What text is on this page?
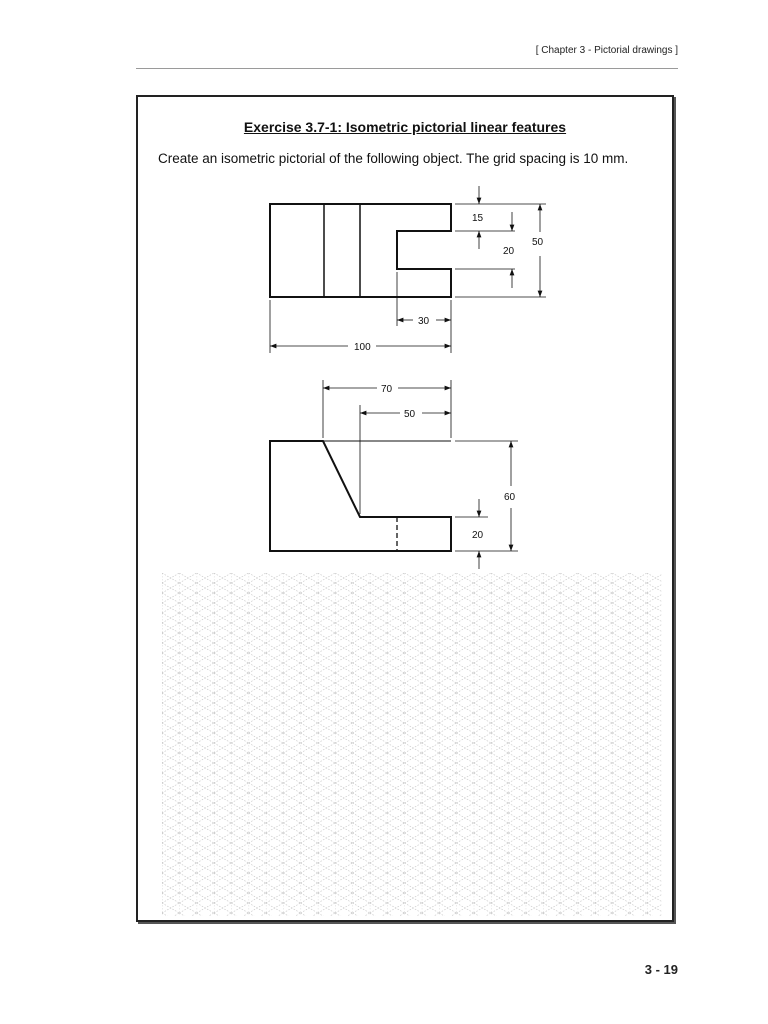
[ Chapter 3 - Pictorial drawings ]
Exercise 3.7-1: Isometric pictorial linear features
Create an isometric pictorial of the following object. The grid spacing is 10 mm.
15
20
50
30
100
70
50
60
20
3 - 19
